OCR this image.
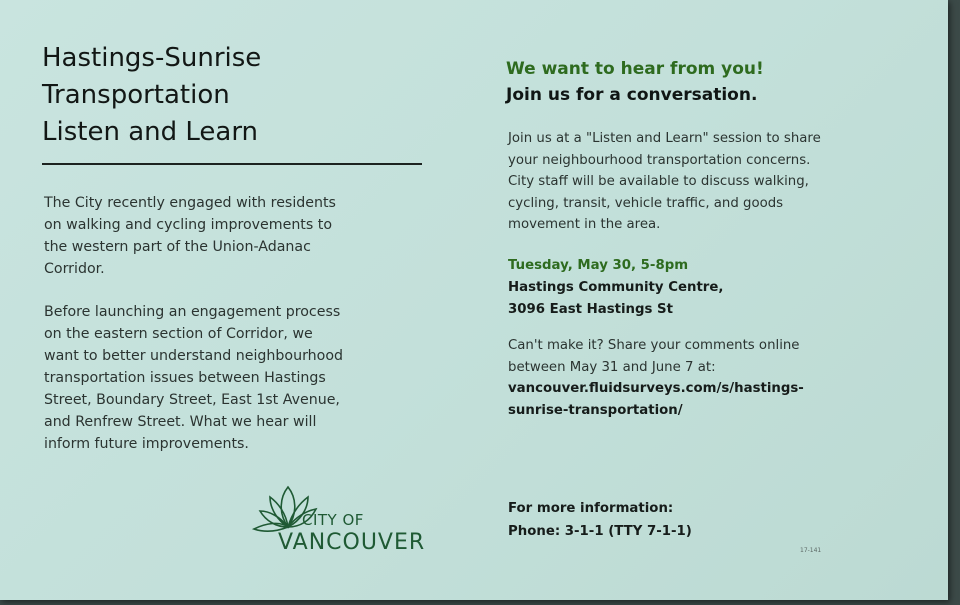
Hastings-Sunrise
Transportation
Listen and Learn

The City recently engaged with residents
on walking and cycling improvements to
the western part of the Union-Adanac
Corridor.

Before launching an engagement process
on the eastern section of Corridor, we
want to better understand neighbourhood
transportation issues between Hastings
Street, Boundary Street, East 1st Avenue,
and Renfrew Street. What we hear will
inform future improvements.

CITY OF
VANCOUVER
We want to hear from you!
Join us for a conversation.

Join us at a "Listen and Learn" session to share
your neighbourhood transportation concerns.
City staff will be available to discuss walking,
cycling, transit, vehicle traffic, and goods
movement in the area.

Tuesday, May 30, 5-8pm
Hastings Community Centre,
3096 East Hastings St

Can't make it? Share your comments online
between May 31 and June 7 at:
vancouver.fluidsurveys.com/s/hastings-
sunrise-transportation/

For more information:
Phone: 3-1-1 (TTY 7-1-1)

17-141
